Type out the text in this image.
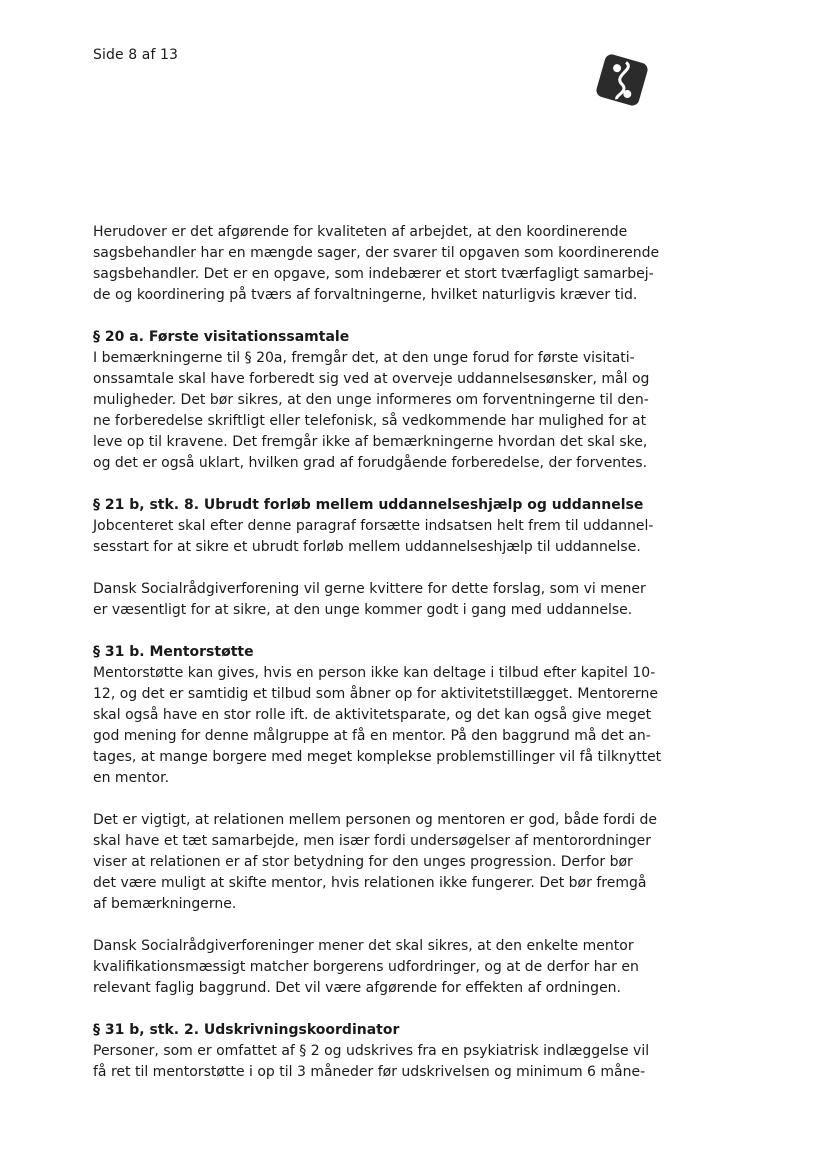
Side 8 af 13

Herudover er det afgørende for kvaliteten af arbejdet, at den koordinerende
sagsbehandler har en mængde sager, der svarer til opgaven som koordinerende
sagsbehandler. Det er en opgave, som indebærer et stort tværfagligt samarbej-
de og koordinering på tværs af forvaltningerne, hvilket naturligvis kræver tid.

§ 20 a. Første visitationssamtale

I bemærkningerne til § 20a, fremgår det, at den unge forud for første visitati-
onssamtale skal have forberedt sig ved at overveje uddannelsesønsker, mål og
muligheder. Det bør sikres, at den unge informeres om forventningerne til den-
ne forberedelse skriftligt eller telefonisk, så vedkommende har mulighed for at
leve op til kravene. Det fremgår ikke af bemærkningerne hvordan det skal ske,
og det er også uklart, hvilken grad af forudgående forberedelse, der forventes.

§ 21 b, stk. 8. Ubrudt forløb mellem uddannelseshjælp og uddannelse

Jobcenteret skal efter denne paragraf forsætte indsatsen helt frem til uddannel-
sesstart for at sikre et ubrudt forløb mellem uddannelseshjælp til uddannelse.

Dansk Socialrådgiverforening vil gerne kvittere for dette forslag, som vi mener
er væsentligt for at sikre, at den unge kommer godt i gang med uddannelse.

§ 31 b. Mentorstøtte

Mentorstøtte kan gives, hvis en person ikke kan deltage i tilbud efter kapitel 10-
12, og det er samtidig et tilbud som åbner op for aktivitetstillægget. Mentorerne
skal også have en stor rolle ift. de aktivitetsparate, og det kan også give meget
god mening for denne målgruppe at få en mentor. På den baggrund må det an-
tages, at mange borgere med meget komplekse problemstillinger vil få tilknyttet
en mentor.

Det er vigtigt, at relationen mellem personen og mentoren er god, både fordi de
skal have et tæt samarbejde, men især fordi undersøgelser af mentorordninger
viser at relationen er af stor betydning for den unges progression. Derfor bør
det være muligt at skifte mentor, hvis relationen ikke fungerer. Det bør fremgå
af bemærkningerne.

Dansk Socialrådgiverforeninger mener det skal sikres, at den enkelte mentor
kvalifikationsmæssigt matcher borgerens udfordringer, og at de derfor har en
relevant faglig baggrund. Det vil være afgørende for effekten af ordningen.

§ 31 b, stk. 2. Udskrivningskoordinator

Personer, som er omfattet af § 2 og udskrives fra en psykiatrisk indlæggelse vil
få ret til mentorstøtte i op til 3 måneder før udskrivelsen og minimum 6 måne-
